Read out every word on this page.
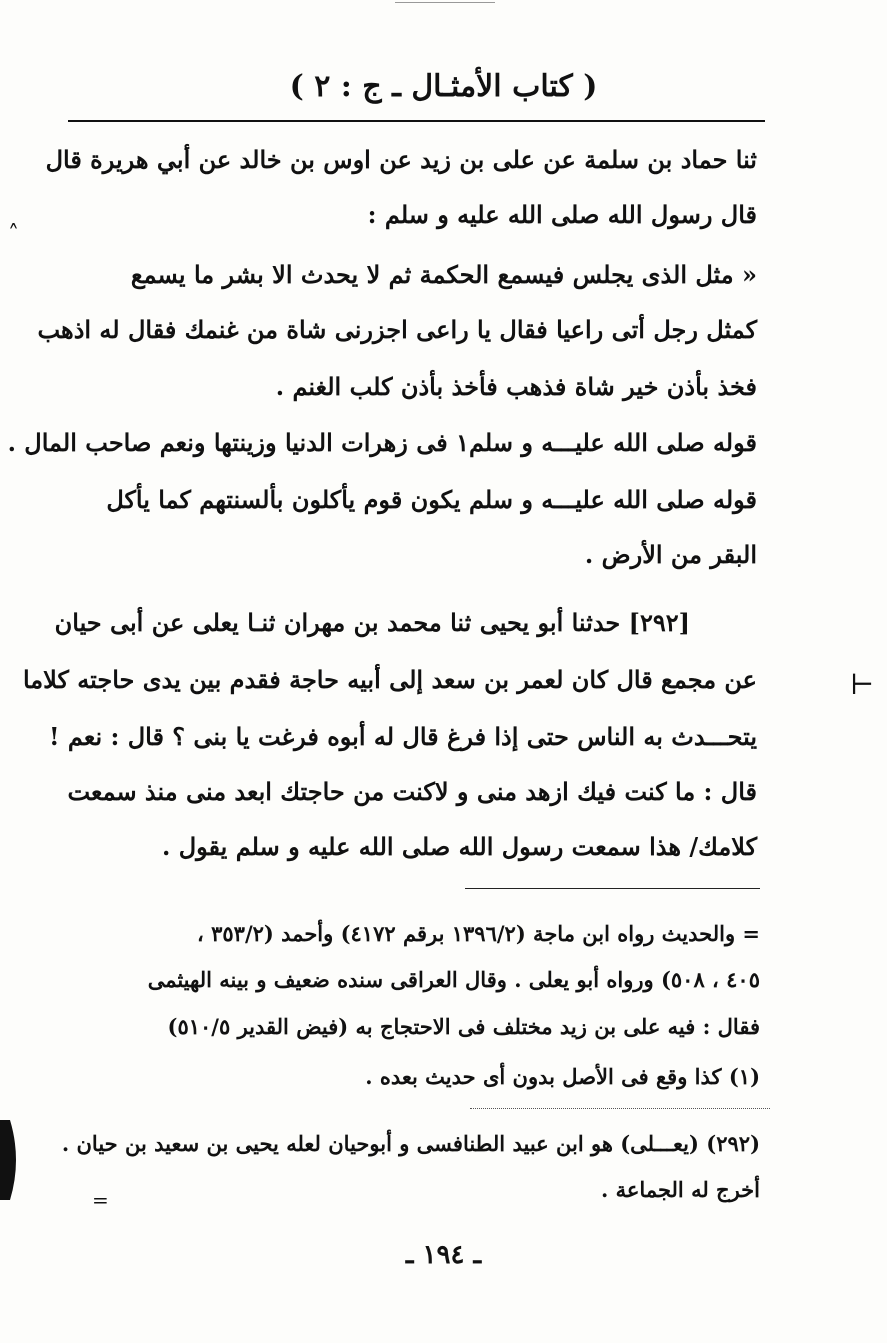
( كتاب الأمثـال ـ ج : ٢ )
ثنا حماد بن سلمة عن على بن زيد عن اوس بن خالد عن أبي هريرة قال
قال رسول الله صلى الله عليه و سلم :
« مثل الذى يجلس فيسمع الحكمة ثم لا يحدث الا بشر ما يسمع
كمثل رجل أتى راعيا فقال يا راعى اجزرنى شاة من غنمك فقال له اذهب
فخذ بأذن خير شاة فذهب فأخذ بأذن كلب الغنم .
قوله صلى الله عليـــه و سلم١ فى زهرات الدنيا وزينتها ونعم صاحب المال .
قوله صلى الله عليـــه و سلم يكون قوم يأكلون بألسنتهم كما يأكل
البقر من الأرض .
[٢٩٢] حدثنا أبو يحيى ثنا محمد بن مهران ثنـا يعلى عن أبى حيان
عن مجمع قال كان لعمر بن سعد إلى أبيه حاجة فقدم بين يدى حاجته كلاما
يتحـــدث به الناس حتى إذا فرغ قال له أبوه فرغت يا بنى ؟ قال : نعم !
قال : ما كنت فيك ازهد منى و لاكنت من حاجتك ابعد منى منذ سمعت
كلامك/ هذا سمعت رسول الله صلى الله عليه و سلم يقول .
= والحديث رواه ابن ماجة (١٣٩٦/٢ برقم ٤١٧٢) وأحمد (٣٥٣/٢ ،
٤٠٥ ، ٥٠٨) ورواه أبو يعلى . وقال العراقى سنده ضعيف و بينه الهيثمى
فقال : فيه على بن زيد مختلف فى الاحتجاج به (فيض القدير ٥١٠/٥)
(١) كذا وقع فى الأصل بدون أى حديث بعده .
(٢٩٢) (يعـــلى) هو ابن عبيد الطنافسى و أبوحيان لعله يحيى بن سعيد بن حيان .
أخرج له الجماعة .
=
ـ ١٩٤ ـ
˄
⊢
